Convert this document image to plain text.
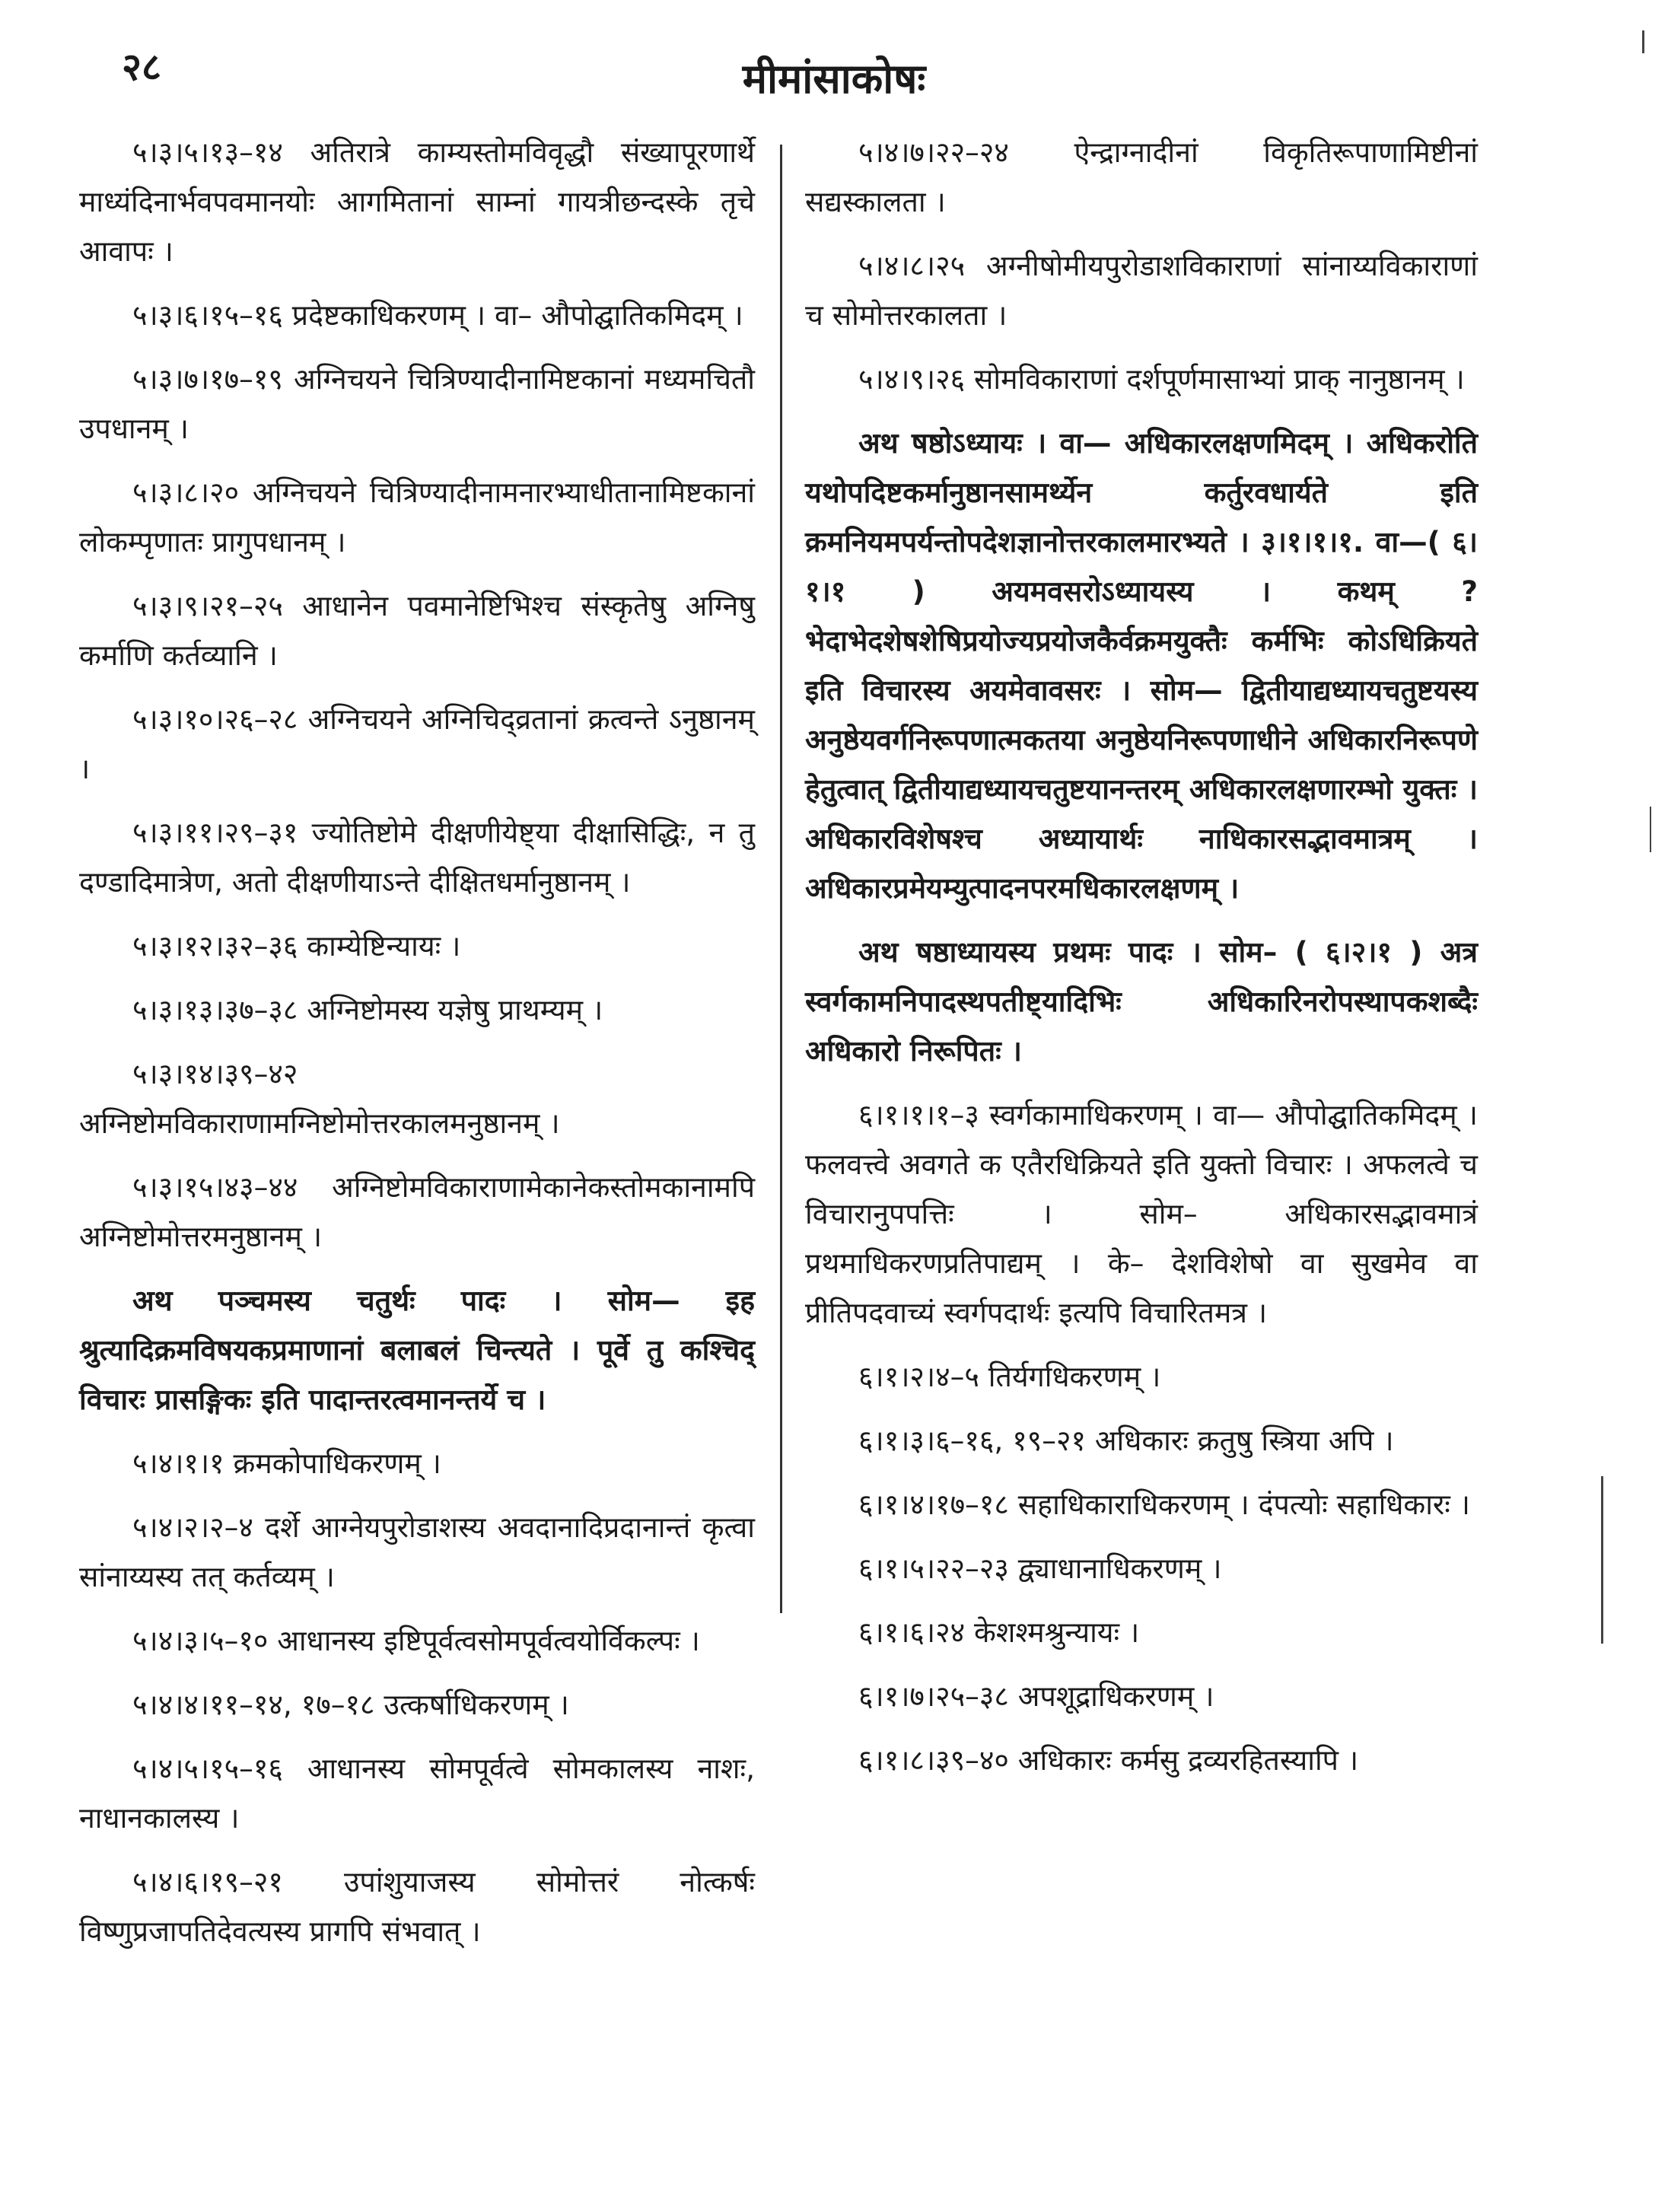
२८	मीमांसाकोषः

५।३।५।१३–१४ अतिरात्रे काम्यस्तोमविवृद्धौ संख्यापूरणार्थे माध्यंदिनार्भवपवमानयोः आगमितानां साम्नां गायत्रीछन्दस्के तृचे आवापः ।

५।३।६।१५–१६ प्रदेष्टकाधिकरणम् । वा– औपोद्घातिकमिदम् ।

५।३।७।१७–१९ अग्निचयने चित्रिण्यादीनामिष्टकानां मध्यमचितौ उपधानम् ।

५।३।८।२० अग्निचयने चित्रिण्यादीनामनारभ्याधीतानामिष्टकानां लोकम्पृणातः प्रागुपधानम् ।

५।३।९।२१–२५ आधानेन पवमानेष्टिभिश्च संस्कृतेषु अग्निषु कर्माणि कर्तव्यानि ।

५।३।१०।२६–२८ अग्निचयने अग्निचिद्व्रतानां क्रत्वन्ते ऽनुष्ठानम् ।

५।३।११।२९–३१ ज्योतिष्टोमे दीक्षणीयेष्ट्या दीक्षासिद्धिः, न तु दण्डादिमात्रेण, अतो दीक्षणीयाऽन्ते दीक्षितधर्मानुष्ठानम् ।

५।३।१२।३२–३६ काम्येष्टिन्यायः ।

५।३।१३।३७–३८ अग्निष्टोमस्य यज्ञेषु प्राथम्यम् ।

५।३।१४।३९–४२ अग्निष्टोमविकाराणामग्निष्टोमोत्तरकालमनुष्ठानम् ।

५।३।१५।४३–४४ अग्निष्टोमविकाराणामेकानेकस्तोमकानामपि अग्निष्टोमोत्तरमनुष्ठानम् ।

अथ पञ्चमस्य चतुर्थः पादः । सोम— इह श्रुत्यादिक्रमविषयकप्रमाणानां बलाबलं चिन्त्यते । पूर्वे तु कश्चिद् विचारः प्रासङ्गिकः इति पादान्तरत्वमानन्तर्ये च ।

५।४।१।१ क्रमकोपाधिकरणम् ।

५।४।२।२–४ दर्शे आग्नेयपुरोडाशस्य अवदानादिप्रदानान्तं कृत्वा सांनाय्यस्य तत् कर्तव्यम् ।

५।४।३।५–१० आधानस्य इष्टिपूर्वत्वसोमपूर्वत्वयोर्विकल्पः ।

५।४।४।११–१४, १७–१८ उत्कर्षाधिकरणम् ।

५।४।५।१५–१६ आधानस्य सोमपूर्वत्वे सोमकालस्य नाशः, नाधानकालस्य ।

५।४।६।१९–२१ उपांशुयाजस्य सोमोत्तरं नोत्कर्षः विष्णुप्रजापतिदेवत्यस्य प्रागपि संभवात् ।

५।४।७।२२–२४ ऐन्द्राग्नादीनां विकृतिरूपाणामिष्टीनां सद्यस्कालता ।

५।४।८।२५ अग्नीषोमीयपुरोडाशविकाराणां सांनाय्यविकाराणां च सोमोत्तरकालता ।

५।४।९।२६ सोमविकाराणां दर्शपूर्णमासाभ्यां प्राक् नानुष्ठानम् ।

अथ षष्ठोऽध्यायः । वा— अधिकारलक्षणमिदम् । अधिकरोति यथोपदिष्टकर्मानुष्ठानसामर्थ्येन कर्तुरवधार्यते इति क्रमनियमपर्यन्तोपदेशज्ञानोत्तरकालमारभ्यते । ३।१।१।१. वा—( ६।१।१ ) अयमवसरोऽध्यायस्य । कथम् ? भेदाभेदशेषशेषिप्रयोज्यप्रयोजकैर्वक्रमयुक्तैः कर्मभिः कोऽधिक्रियते इति विचारस्य अयमेवावसरः । सोम— द्वितीयाद्यध्यायचतुष्टयस्य अनुष्ठेयवर्गनिरूपणात्मकतया अनुष्ठेयनिरूपणाधीने अधिकारनिरूपणे हेतुत्वात् द्वितीयाद्यध्यायचतुष्टयानन्तरम् अधिकारलक्षणारम्भो युक्तः । अधिकारविशेषश्च अध्यायार्थः नाधिकारसद्भावमात्रम् । अधिकारप्रमेयम्युत्पादनपरमधिकारलक्षणम् ।

अथ षष्ठाध्यायस्य प्रथमः पादः । सोम– ( ६।२।१ ) अत्र स्वर्गकामनिपादस्थपतीष्ट्यादिभिः अधिकारिनरोपस्थापकशब्दैः अधिकारो निरूपितः ।

६।१।१।१–३ स्वर्गकामाधिकरणम् । वा— औपोद्घातिकमिदम् । फलवत्त्वे अवगते क एतैरधिक्रियते इति युक्तो विचारः । अफलत्वे च विचारानुपपत्तिः । सोम– अधिकारसद्भावमात्रं प्रथमाधिकरणप्रतिपाद्यम् । के– देशविशेषो वा सुखमेव वा प्रीतिपदवाच्यं स्वर्गपदार्थः इत्यपि विचारितमत्र ।

६।१।२।४–५ तिर्यगधिकरणम् ।

६।१।३।६–१६, १९–२१ अधिकारः क्रतुषु स्त्रिया अपि ।

६।१।४।१७–१८ सहाधिकाराधिकरणम् । दंपत्योः सहाधिकारः ।

६।१।५।२२–२३ द्व्याधानाधिकरणम् ।

६।१।६।२४ केशश्मश्रुन्यायः ।

६।१।७।२५–३८ अपशूद्राधिकरणम् ।

६।१।८।३९–४० अधिकारः कर्मसु द्रव्यरहितस्यापि ।
